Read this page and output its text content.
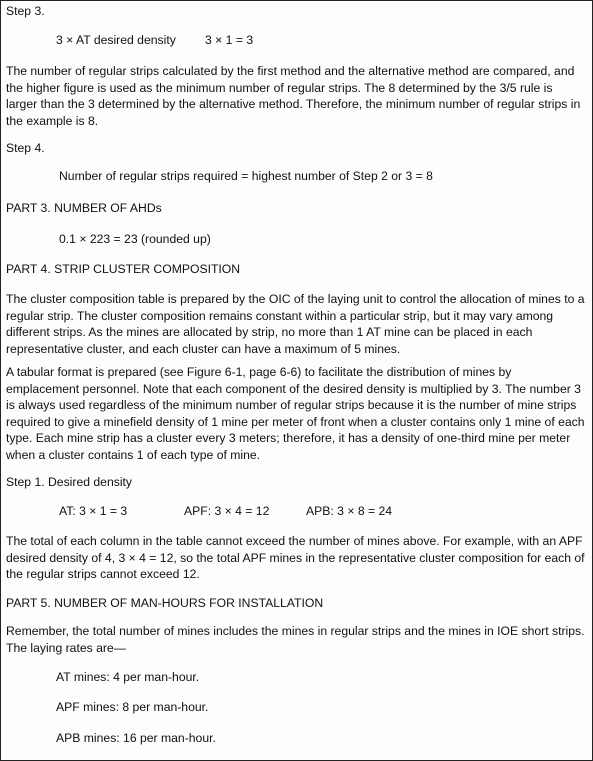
Step 3.

3 × AT desired density 3 × 1 = 3

The number of regular strips calculated by the first method and the alternative method are compared, and the higher figure is used as the minimum number of regular strips. The 8 determined by the 3/5 rule is larger than the 3 determined by the alternative method. Therefore, the minimum number of regular strips in the example is 8.

Step 4.

Number of regular strips required = highest number of Step 2 or 3 = 8

PART 3. NUMBER OF AHDs

0.1 × 223 = 23 (rounded up)

PART 4. STRIP CLUSTER COMPOSITION

The cluster composition table is prepared by the OIC of the laying unit to control the allocation of mines to a regular strip. The cluster composition remains constant within a particular strip, but it may vary among different strips. As the mines are allocated by strip, no more than 1 AT mine can be placed in each representative cluster, and each cluster can have a maximum of 5 mines.

A tabular format is prepared (see Figure 6-1, page 6-6) to facilitate the distribution of mines by emplacement personnel. Note that each component of the desired density is multiplied by 3. The number 3 is always used regardless of the minimum number of regular strips because it is the number of mine strips required to give a minefield density of 1 mine per meter of front when a cluster contains only 1 mine of each type. Each mine strip has a cluster every 3 meters; therefore, it has a density of one-third mine per meter when a cluster contains 1 of each type of mine.

Step 1. Desired density

AT: 3 × 1 = 3	APF: 3 × 4 = 12	APB: 3 × 8 = 24

The total of each column in the table cannot exceed the number of mines above. For example, with an APF desired density of 4, 3 × 4 = 12, so the total APF mines in the representative cluster composition for each of the regular strips cannot exceed 12.

PART 5. NUMBER OF MAN-HOURS FOR INSTALLATION

Remember, the total number of mines includes the mines in regular strips and the mines in IOE short strips. The laying rates are—

AT mines: 4 per man-hour.

APF mines: 8 per man-hour.

APB mines: 16 per man-hour.
